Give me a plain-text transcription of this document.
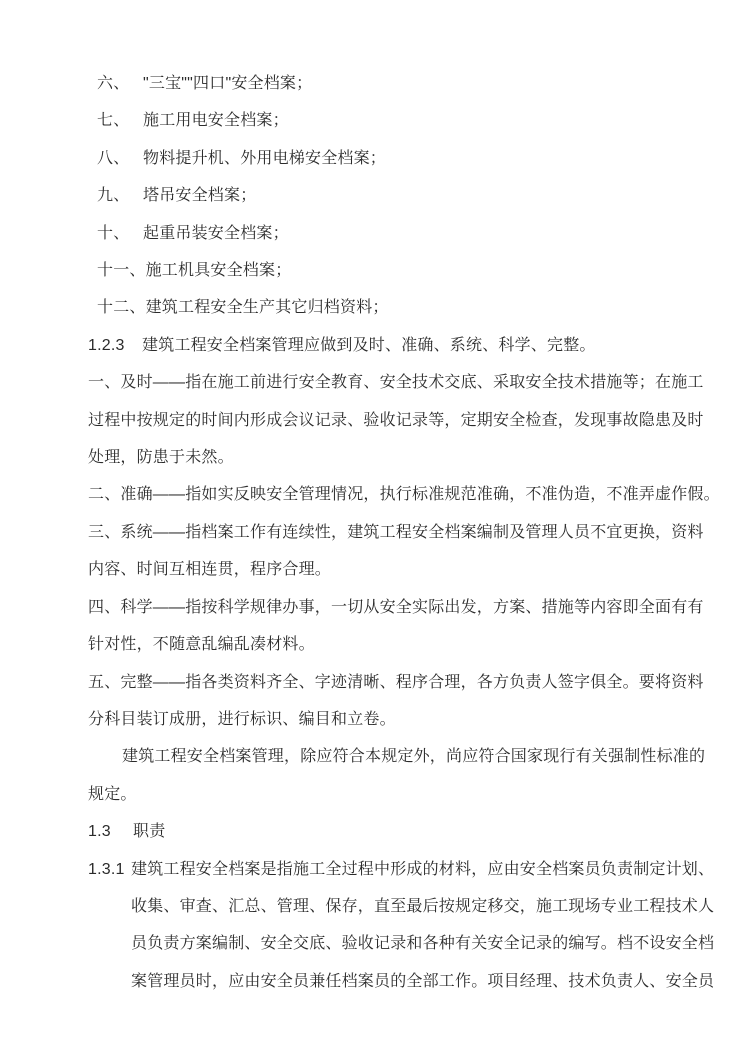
六、 "三宝""四口"安全档案；
七、 施工用电安全档案；
八、 物料提升机、外用电梯安全档案；
九、 塔吊安全档案；
十、 起重吊装安全档案；
十一、 施工机具安全档案；
十二、 建筑工程安全生产其它归档资料；
1.2.3	建筑工程安全档案管理应做到及时、准确、系统、科学、完整。
一、及时——指在施工前进行安全教育、安全技术交底、采取安全技术措施等；在施工
过程中按规定的时间内形成会议记录、验收记录等，定期安全检查，发现事故隐患及时
处理，防患于未然。
二、准确——指如实反映安全管理情况，执行标准规范准确，不准伪造，不准弄虚作假。
三、系统——指档案工作有连续性，建筑工程安全档案编制及管理人员不宜更换，资料
内容、时间互相连贯，程序合理。
四、科学——指按科学规律办事，一切从安全实际出发，方案、措施等内容即全面有有
针对性，不随意乱编乱凑材料。
五、完整——指各类资料齐全、字迹清晰、程序合理，各方负责人签字俱全。要将资料
分科目装订成册，进行标识、编目和立卷。
建筑工程安全档案管理，除应符合本规定外，尚应符合国家现行有关强制性标准的
规定。
1.3	职责
1.3.1 建筑工程安全档案是指施工全过程中形成的材料，应由安全档案员负责制定计划、
收集、审查、汇总、管理、保存，直至最后按规定移交，施工现场专业工程技术人
员负责方案编制、安全交底、验收记录和各种有关安全记录的编写。档不设安全档
案管理员时，应由安全员兼任档案员的全部工作。项目经理、技术负责人、安全员
